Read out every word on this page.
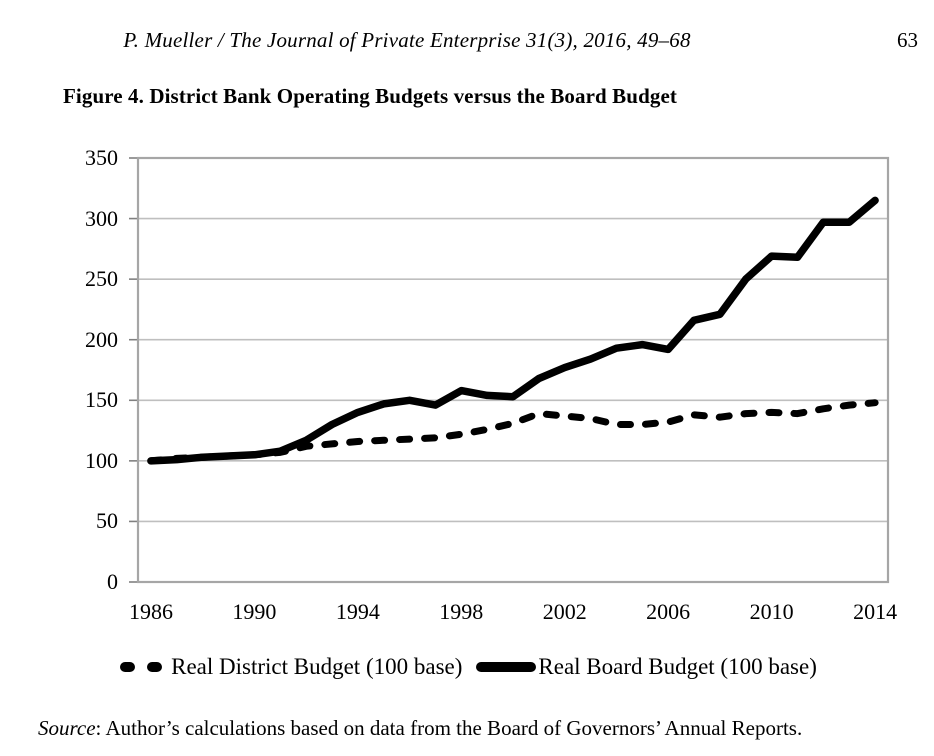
P. Mueller / The Journal of Private Enterprise 31(3), 2016, 49–68	63
Figure 4. District Bank Operating Budgets versus the Board Budget
350
300
250
200
150
100
50
0
1986	1990	1994	1998	2002	2006	2010	2014
Real District Budget (100 base)	Real Board Budget (100 base)

Source: Author’s calculations based on data from the Board of Governors’ Annual Reports.
